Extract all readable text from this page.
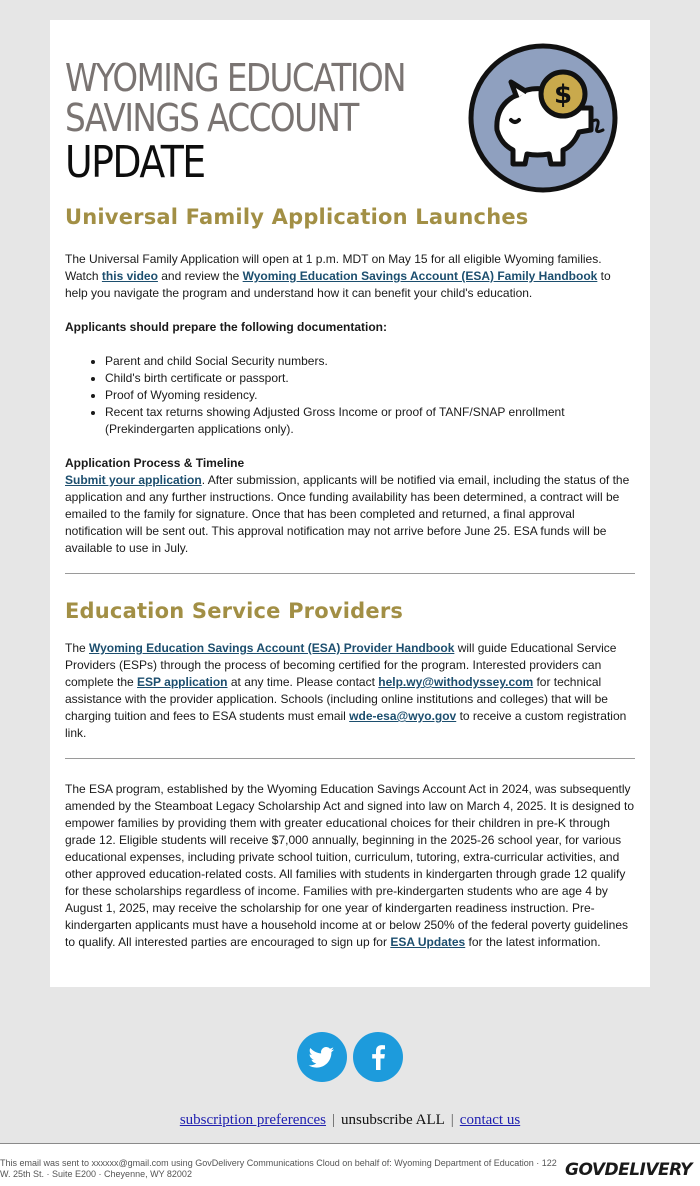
WYOMING EDUCATION
SAVINGS ACCOUNT
UPDATE
$
Universal Family Application Launches

The Universal Family Application will open at 1 p.m. MDT on May 15 for all eligible Wyoming families. Watch this video and review the Wyoming Education Savings Account (ESA) Family Handbook to help you navigate the program and understand how it can benefit your child's education.

Applicants should prepare the following documentation:

• Parent and child Social Security numbers.
• Child's birth certificate or passport.
• Proof of Wyoming residency.
• Recent tax returns showing Adjusted Gross Income or proof of TANF/SNAP enrollment (Prekindergarten applications only).

Application Process & Timeline

Submit your application. After submission, applicants will be notified via email, including the status of the application and any further instructions. Once funding availability has been determined, a contract will be emailed to the family for signature. Once that has been completed and returned, a final approval notification will be sent out. This approval notification may not arrive before June 25. ESA funds will be available to use in July.

Education Service Providers

The Wyoming Education Savings Account (ESA) Provider Handbook will guide Educational Service Providers (ESPs) through the process of becoming certified for the program. Interested providers can complete the ESP application at any time. Please contact help.wy@withodyssey.com for technical assistance with the provider application. Schools (including online institutions and colleges) that will be charging tuition and fees to ESA students must email wde-esa@wyo.gov to receive a custom registration link.

The ESA program, established by the Wyoming Education Savings Account Act in 2024, was subsequently amended by the Steamboat Legacy Scholarship Act and signed into law on March 4, 2025. It is designed to empower families by providing them with greater educational choices for their children in pre-K through grade 12. Eligible students will receive $7,000 annually, beginning in the 2025-26 school year, for various educational expenses, including private school tuition, curriculum, tutoring, extra-curricular activities, and other approved education-related costs. All families with students in kindergarten through grade 12 qualify for these scholarships regardless of income. Families with pre-kindergarten students who are age 4 by August 1, 2025, may receive the scholarship for one year of kindergarten readiness instruction. Pre-kindergarten applicants must have a household income at or below 250% of the federal poverty guidelines to qualify. All interested parties are encouraged to sign up for ESA Updates for the latest information.

subscription preferences | unsubscribe ALL | contact us
This email was sent to xxxxxx@gmail.com using GovDelivery Communications Cloud on behalf of: Wyoming Department of Education · 122 W. 25th St. · Suite E200 · Cheyenne, WY 82002	GOVDELIVERY
